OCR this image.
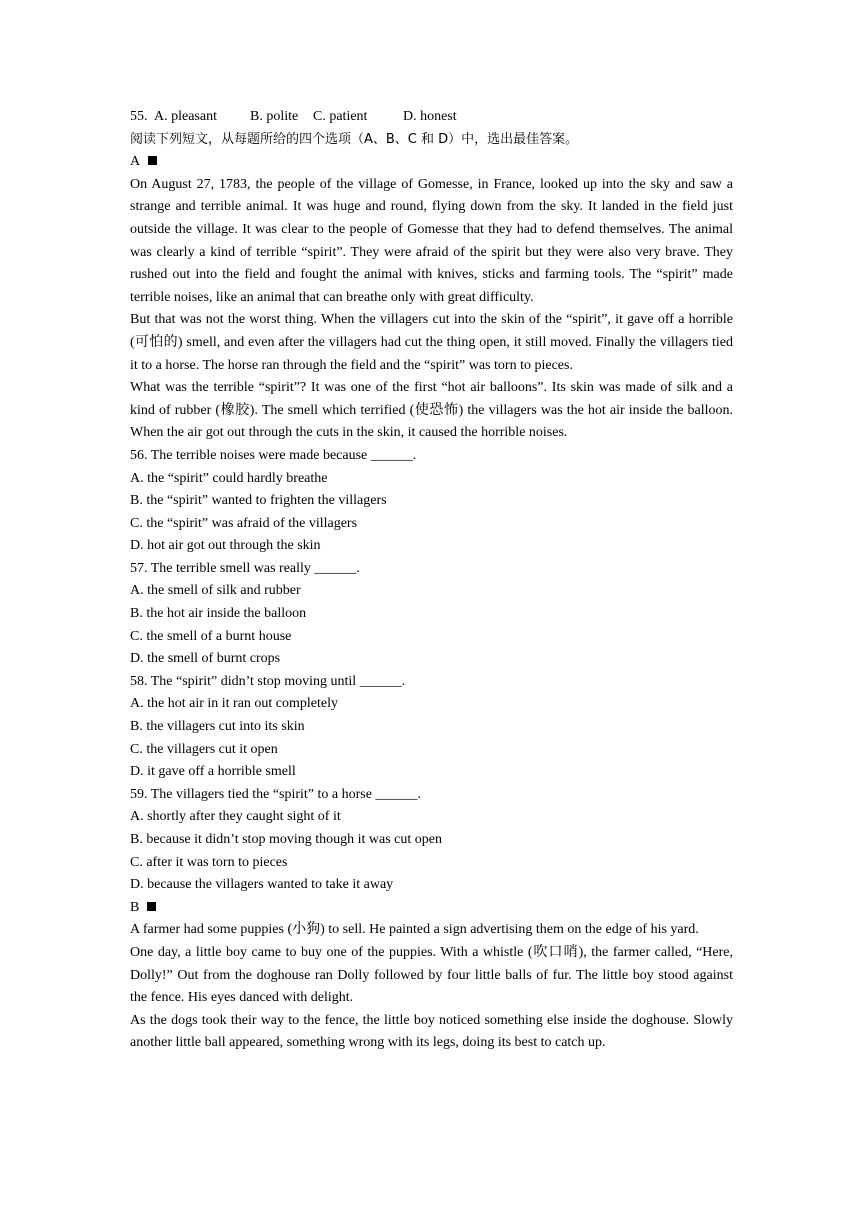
55. A. pleasant	B. polite	C. patient	D. honest
阅读下列短文，从每题所给的四个选项（A、B、C 和 D）中，选出最佳答案。
A
On August 27, 1783, the people of the village of Gomesse, in France, looked up into the sky and saw a strange and terrible animal. It was huge and round, flying down from the sky. It landed in the field just outside the village. It was clear to the people of Gomesse that they had to defend themselves. The animal was clearly a kind of terrible “spirit”. They were afraid of the spirit but they were also very brave. They rushed out into the field and fought the animal with knives, sticks and farming tools. The “spirit” made terrible noises, like an animal that can breathe only with great difficulty.
But that was not the worst thing. When the villagers cut into the skin of the “spirit”, it gave off a horrible (可怕的) smell, and even after the villagers had cut the thing open, it still moved. Finally the villagers tied it to a horse. The horse ran through the field and the “spirit” was torn to pieces.
What was the terrible “spirit”? It was one of the first “hot air balloons”. Its skin was made of silk and a kind of rubber (橡胶). The smell which terrified (使恐怖) the villagers was the hot air inside the balloon. When the air got out through the cuts in the skin, it caused the horrible noises.
56. The terrible noises were made because ______.
A. the “spirit” could hardly breathe
B. the “spirit” wanted to frighten the villagers
C. the “spirit” was afraid of the villagers
D. hot air got out through the skin
57. The terrible smell was really ______.
A. the smell of silk and rubber
B. the hot air inside the balloon
C. the smell of a burnt house
D. the smell of burnt crops
58. The “spirit” didn’t stop moving until ______.
A. the hot air in it ran out completely
B. the villagers cut into its skin
C. the villagers cut it open
D. it gave off a horrible smell
59. The villagers tied the “spirit” to a horse ______.
A. shortly after they caught sight of it
B. because it didn’t stop moving though it was cut open
C. after it was torn to pieces
D. because the villagers wanted to take it away
B
A farmer had some puppies (小狗) to sell. He painted a sign advertising them on the edge of his yard.
One day, a little boy came to buy one of the puppies. With a whistle (吹口哨), the farmer called, “Here, Dolly!” Out from the doghouse ran Dolly followed by four little balls of fur. The little boy stood against the fence. His eyes danced with delight.
As the dogs took their way to the fence, the little boy noticed something else inside the doghouse. Slowly another little ball appeared, something wrong with its legs, doing its best to catch up.
